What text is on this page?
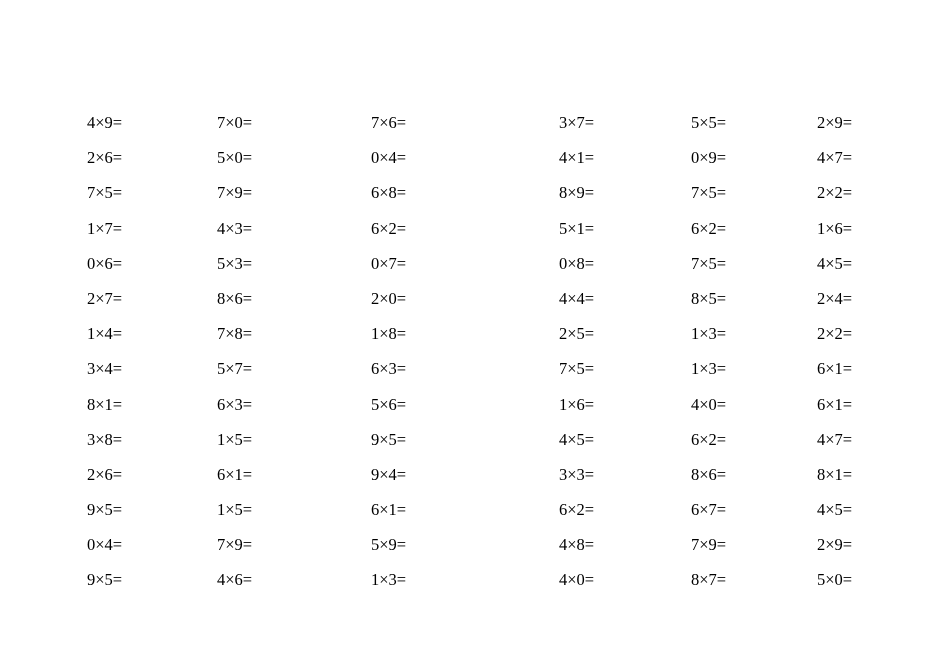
4×9=
2×6=
7×5=
1×7=
0×6=
2×7=
1×4=
3×4=
8×1=
3×8=
2×6=
9×5=
0×4=
9×5=
7×0=
5×0=
7×9=
4×3=
5×3=
8×6=
7×8=
5×7=
6×3=
1×5=
6×1=
1×5=
7×9=
4×6=
7×6=
0×4=
6×8=
6×2=
0×7=
2×0=
1×8=
6×3=
5×6=
9×5=
9×4=
6×1=
5×9=
1×3=
3×7=
4×1=
8×9=
5×1=
0×8=
4×4=
2×5=
7×5=
1×6=
4×5=
3×3=
6×2=
4×8=
4×0=
5×5=
0×9=
7×5=
6×2=
7×5=
8×5=
1×3=
1×3=
4×0=
6×2=
8×6=
6×7=
7×9=
8×7=
2×9=
4×7=
2×2=
1×6=
4×5=
2×4=
2×2=
6×1=
6×1=
4×7=
8×1=
4×5=
2×9=
5×0=
